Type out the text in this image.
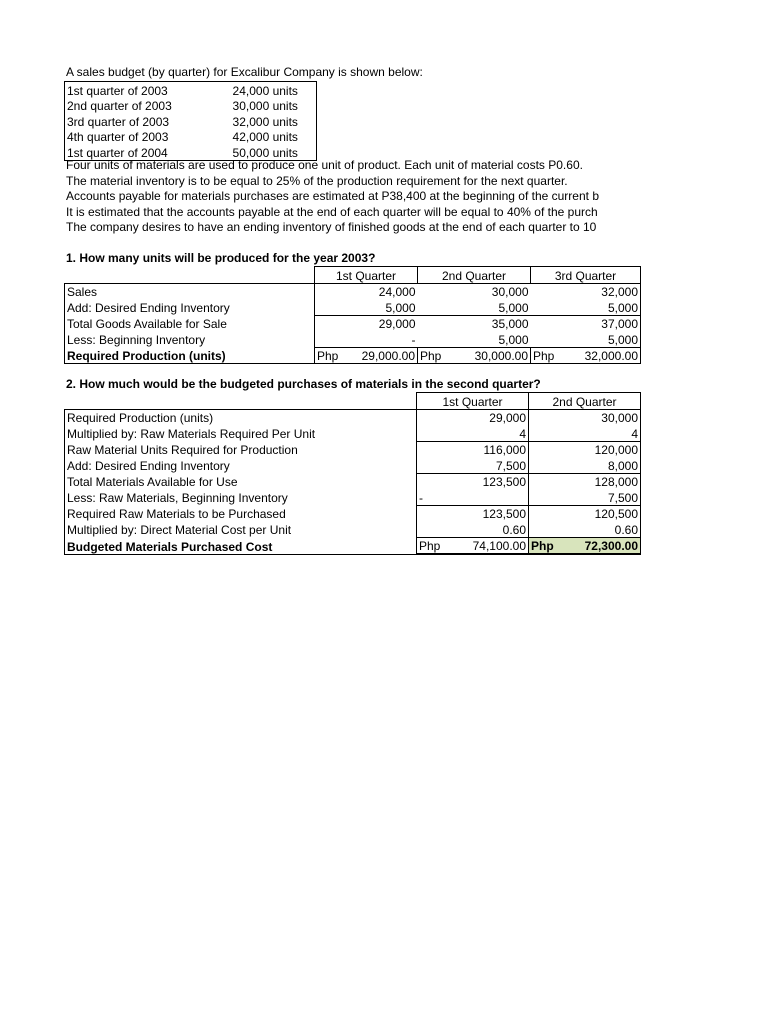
A sales budget (by quarter) for Excalibur Company is shown below:
1st quarter of 2003	24,000 units
2nd quarter of 2003	30,000 units
3rd quarter of 2003	32,000 units
4th quarter of 2003	42,000 units
1st quarter of 2004	50,000 units
Four units of materials are used to produce one unit of product. Each unit of material costs P0.60.
The material inventory is to be equal to 25% of the production requirement for the next quarter.
Accounts payable for materials purchases are estimated at P38,400 at the beginning of the current b
It is estimated that the accounts payable at the end of each quarter will be equal to 40% of the purch
The company desires to have an ending inventory of finished goods at the end of each quarter to 10
1. How many units will be produced for the year 2003?
	1st Quarter	2nd Quarter	3rd Quarter
Sales	24,000	30,000	32,000
Add: Desired Ending Inventory	5,000	5,000	5,000
Total Goods Available for Sale	29,000	35,000	37,000
Less: Beginning Inventory	-	5,000	5,000
Required Production (units)	Php 29,000.00	Php 30,000.00	Php 32,000.00
2. How much would be the budgeted purchases of materials in the second quarter?
	1st Quarter	2nd Quarter
Required Production (units)	29,000	30,000
Multiplied by: Raw Materials Required Per Unit	4	4
Raw Material Units Required for Production	116,000	120,000
Add: Desired Ending Inventory	7,500	8,000
Total Materials Available for Use	123,500	128,000
Less: Raw Materials, Beginning Inventory	-	7,500
Required Raw Materials to be Purchased	123,500	120,500
Multiplied by: Direct Material Cost per Unit	0.60	0.60
Budgeted Materials Purchased Cost	Php 74,100.00	Php 72,300.00
